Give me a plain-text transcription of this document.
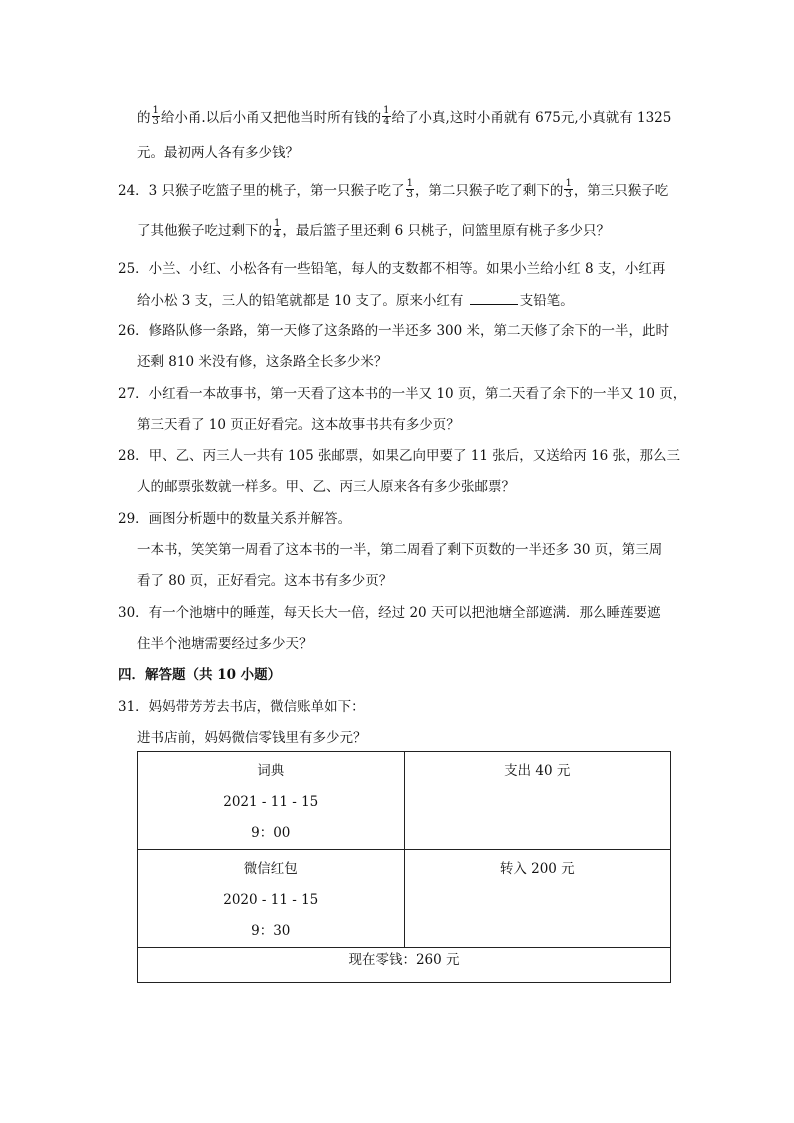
的 $\frac{1}{3}$ 给小甬.以后小甬又把他当时所有钱的 $\frac{1}{4}$ 给了小真,这时小甬就有 675元,小真就有 1325
元。最初两人各有多少钱？
24．3 只猴子吃篮子里的桃子，第一只猴子吃了 $\frac{1}{3}$ ，第二只猴子吃了剩下的 $\frac{1}{3}$ ，第三只猴子吃
了其他猴子吃过剩下的 $\frac{1}{4}$ ，最后篮子里还剩 6 只桃子，问篮里原有桃子多少只？
25．小兰、小红、小松各有一些铅笔，每人的支数都不相等。如果小兰给小红 8 支，小红再
给小松 3 支，三人的铅笔就都是 10 支了。原来小红有	支铅笔。
26．修路队修一条路，第一天修了这条路的一半还多 300 米，第二天修了余下的一半，此时
还剩 810 米没有修，这条路全长多少米？
27．小红看一本故事书，第一天看了这本书的一半又 10 页，第二天看了余下的一半又 10 页，
第三天看了 10 页正好看完。这本故事书共有多少页？
28．甲、乙、丙三人一共有 105 张邮票，如果乙向甲要了 11 张后，又送给丙 16 张，那么三
人的邮票张数就一样多。甲、乙、丙三人原来各有多少张邮票？
29．画图分析题中的数量关系并解答。
一本书，笑笑第一周看了这本书的一半，第二周看了剩下页数的一半还多 30 页，第三周
看了 80 页，正好看完。这本书有多少页？
30．有一个池塘中的睡莲，每天长大一倍，经过 20 天可以把池塘全部遮满．那么睡莲要遮
住半个池塘需要经过多少天？
四．解答题（共 10 小题）
31．妈妈带芳芳去书店，微信账单如下：
进书店前，妈妈微信零钱里有多少元？
词典
2021 - 11 - 15
9：00	支出 40 元

微信红包
2020 - 11 - 15
9：30	转入 200 元

现在零钱：260 元	
